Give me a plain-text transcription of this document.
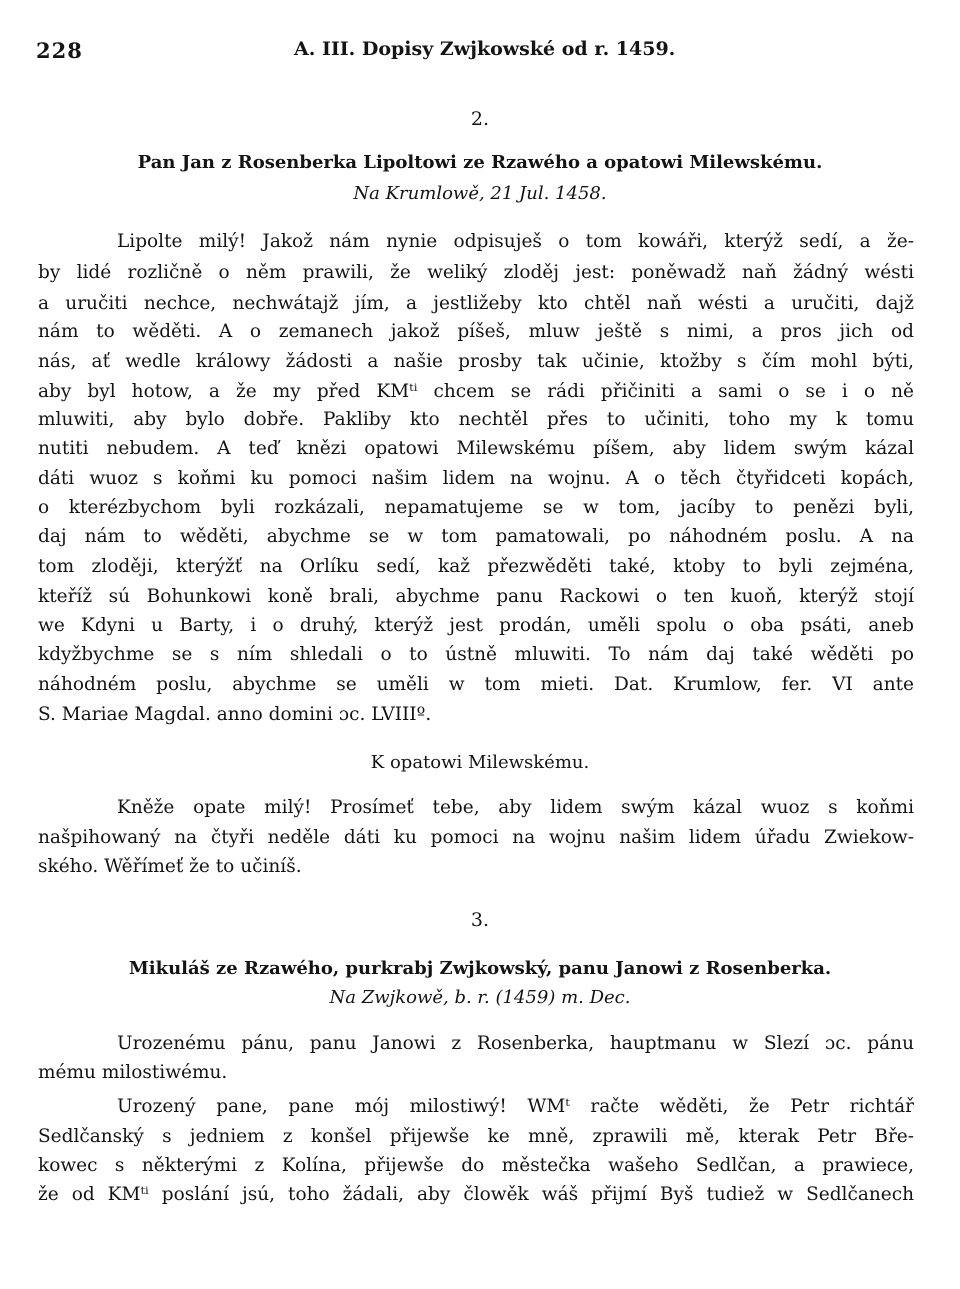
228	A. III. Dopisy Zwjkowské od r. 1459.
2.
Pan Jan z Rosenberka Lipoltowi ze Rzawého a opatowi Milewskému.
Na Krumlowě, 21 Jul. 1458.
Lipolte milý! Jakož nám nynie odpisuješ o tom kowáři, kterýž sedí, a že-
by lidé rozličně o něm prawili, že weliký zloděj jest: poněwadž naň žádný wésti
a uručiti nechce, nechwátajž jím, a jestližeby kto chtěl naň wésti a uručiti, dajž
nám to wěděti. A o zemanech jakož píšeš, mluw ještě s nimi, a pros jich od
nás, ať wedle králowy žádosti a našie prosby tak učinie, ktožby s čím mohl býti,
aby byl hotow, a že my před KMᵗⁱ chcem se rádi přičiniti a sami o se i o ně
mluwiti, aby bylo dobře. Pakliby kto nechtěl přes to učiniti, toho my k tomu
nutiti nebudem. A teď knězi opatowi Milewskému píšem, aby lidem swým kázal
dáti wuoz s koňmi ku pomoci našim lidem na wojnu. A o těch čtyřidceti kopách,
o kterézbychom byli rozkázali, nepamatujeme se w tom, jacíby to penězi byli,
daj nám to wěděti, abychme se w tom pamatowali, po náhodném poslu. A na
tom zloději, kterýžť na Orlíku sedí, kaž přezwěděti také, ktoby to byli zejména,
kteříž sú Bohunkowi koně brali, abychme panu Rackowi o ten kuoň, kterýž stojí
we Kdyni u Barty, i o druhý, kterýž jest prodán, uměli spolu o oba psáti, aneb
kdyžbychme se s ním shledali o to ústně mluwiti. To nám daj také wěděti po
náhodném poslu, abychme se uměli w tom mieti. Dat. Krumlow, fer. VI ante
S. Mariae Magdal. anno domini ɔc. LVIIIº.
K opatowi Milewskému.
Kněže opate milý! Prosímeť tebe, aby lidem swým kázal wuoz s koňmi
našpihowaný na čtyři neděle dáti ku pomoci na wojnu našim lidem úřadu Zwiekow-
ského. Wěřímeť že to učiníš.
3.
Mikuláš ze Rzawého, purkrabj Zwjkowský, panu Janowi z Rosenberka.
Na Zwjkowě, b. r. (1459) m. Dec.
Urozenému pánu, panu Janowi z Rosenberka, hauptmanu w Slezí ɔc. pánu
mému milostiwému.
Urozený pane, pane mój milostiwý! WMᵗ račte wěděti, že Petr richtář
Sedlčanský s jedniem z konšel přijewše ke mně, zprawili mě, kterak Petr Bře-
kowec s některými z Kolína, přijewše do městečka wašeho Sedlčan, a prawiece,
že od KMᵗⁱ poslání jsú, toho žádali, aby člowěk wáš přijmí Byš tudiež w Sedlčanech
